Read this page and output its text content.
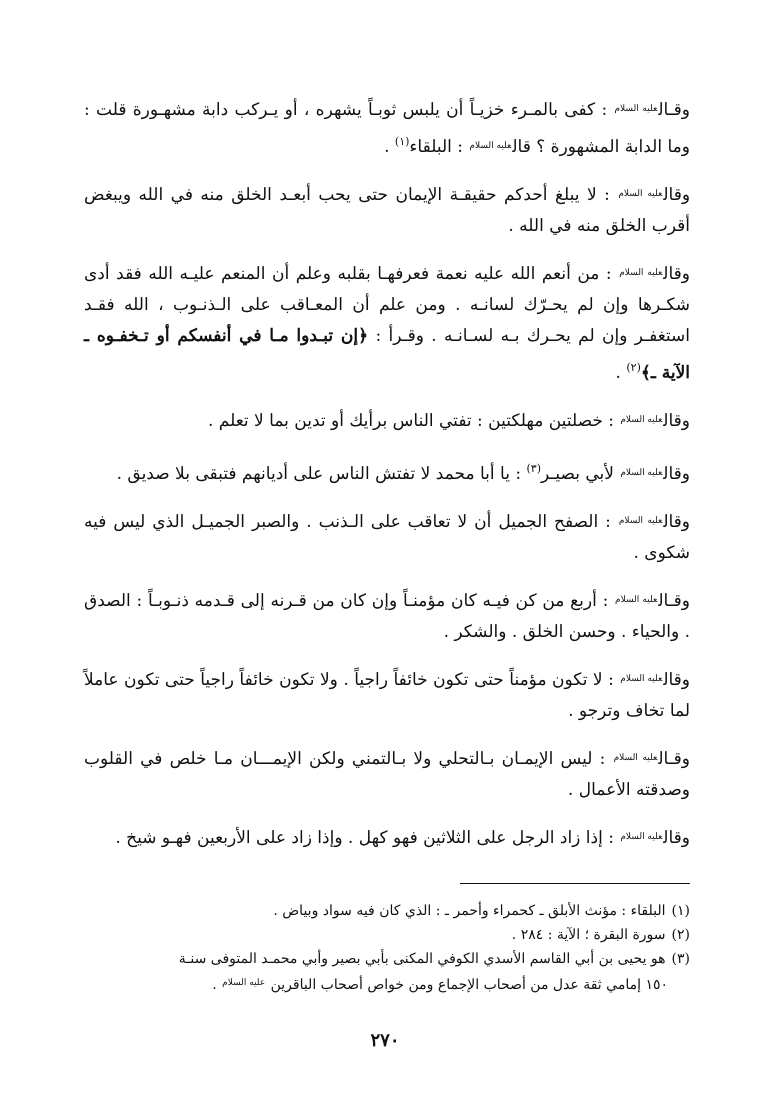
وقـال$^{عليه السلام}$ : كفى بالمـرء خزيـاً أن يلبس ثوبـاً يشهره ، أو يـركب دابة مشهـورة قلت : وما الدابة المشهورة ؟ قال$^{عليه السلام}$ : البلقاء$^{(١)}$ .

وقال$^{عليه السلام}$ : لا يبلغ أحدكم حقيقـة الإيمان حتى يحب أبعـد الخلق منه في الله ويبغض أقرب الخلق منه في الله .

وقال$^{عليه السلام}$ : من أنعم الله عليه نعمة فعرفهـا بقلبه وعلم أن المنعم عليـه الله فقد أدى شكـرها وإن لم يحـرّك لسانـه . ومن علم أن المعـاقب على الـذنـوب ، الله فقـد استغفـر وإن لم يحـرك بـه لسـانـه . وقـرأ : ﴿إن تبـدوا مـا في أنفسكم أو تـخفـوه ـ الآية ـ﴾$^{(٢)}$ .

وقال$^{عليه السلام}$ : خصلتين مهلكتين : تفتي الناس برأيك أو تدين بما لا تعلم .

وقال$^{عليه السلام}$ لأبي بصيـر$^{(٣)}$ : يا أبا محمد لا تفتش الناس على أديانهم فتبقى بلا صديق .

وقال$^{عليه السلام}$ : الصفح الجميل أن لا تعاقب على الـذنب . والصبر الجميـل الذي ليس فيه شكوى .

وقـال$^{عليه السلام}$ : أربع من كن فيـه كان مؤمنـاً وإن كان من قـرنه إلى قـدمه ذنـوبـاً : الصدق . والحياء . وحسن الخلق . والشكر .

وقال$^{عليه السلام}$ : لا تكون مؤمناً حتى تكون خائفاً راجياً . ولا تكون خائفاً راجياً حتى تكون عاملاً لما تخاف وترجو .

وقـال$^{عليه السلام}$ : ليس الإيمـان بـالتحلي ولا بـالتمني ولكن الإيمـــان مـا خلص في القلوب وصدقته الأعمال .

وقال$^{عليه السلام}$ : إذا زاد الرجل على الثلاثين فهو كهل . وإذا زاد على الأربعين فهـو شيخ .

(١)البلقاء : مؤنث الأبلق ـ كحمراء وأحمر ـ : الذي كان فيه سواد وبياض .

(٢)سورة البقرة ؛ الآية : ٢٨٤ .

(٣)هو يحيى بن أبي القاسم الأسدي الكوفي المكنى بأبي بصير وأبي محمـد المتوفى سنـة
١٥٠ إمامي ثقة عدل من أصحاب الإجماع ومن خواص أصحاب الباقرين $^{عليه السلام}$ .

٢٧٠
